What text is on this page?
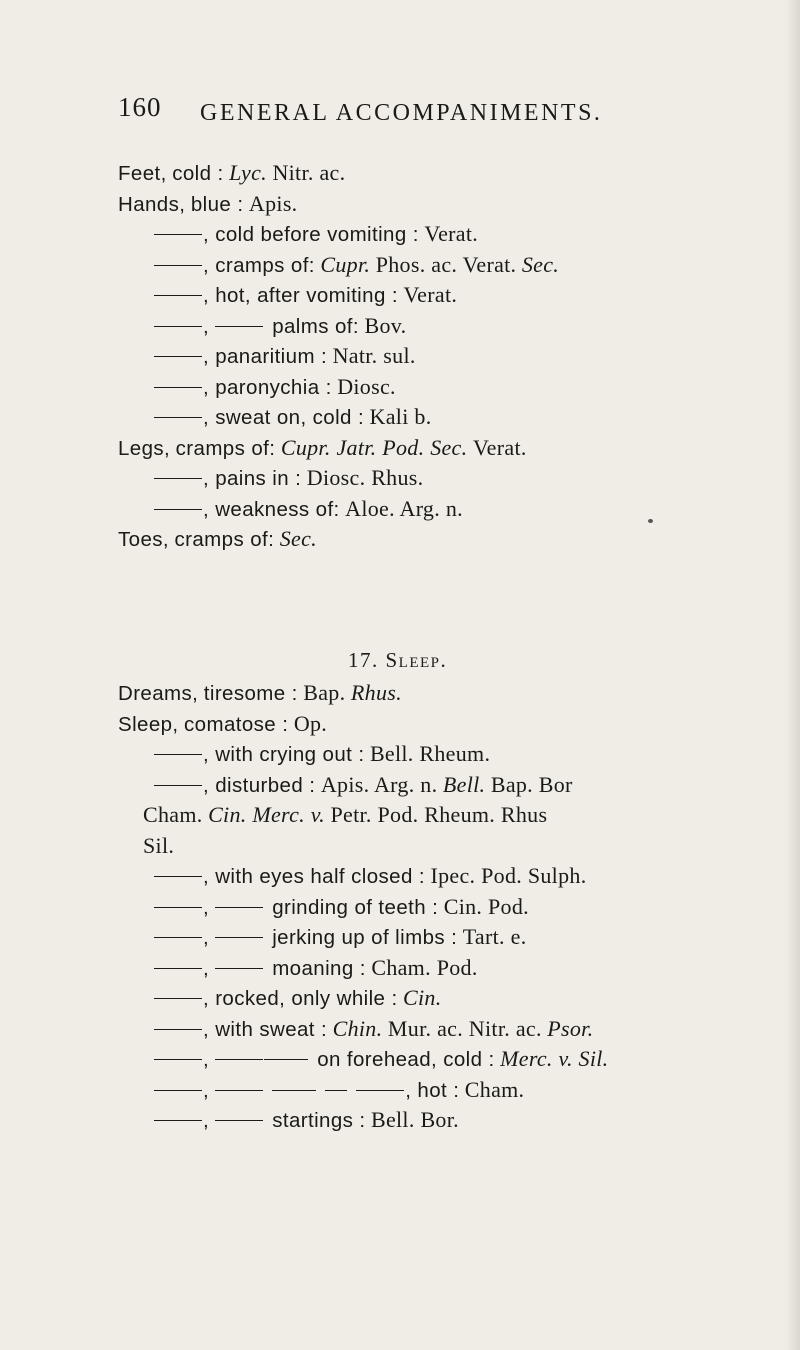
160 GENERAL ACCOMPANIMENTS.
Feet, cold : Lyc. Nitr. ac.
Hands, blue : Apis.
, cold before vomiting : Verat.
, cramps of: Cupr. Phos. ac. Verat. Sec.
, hot, after vomiting : Verat.
,	palms of: Bov.
, panaritium : Natr. sul.
, paronychia : Diosc.
, sweat on, cold : Kali b.
Legs, cramps of: Cupr. Jatr. Pod. Sec. Verat.
, pains in : Diosc. Rhus.
, weakness of: Aloe. Arg. n.
Toes, cramps of: Sec.
17. Sleep.
Dreams, tiresome : Bap. Rhus.
Sleep, comatose : Op.
, with crying out : Bell. Rheum.
, disturbed : Apis. Arg. n. Bell. Bap. Bor
Cham. Cin. Merc. v. Petr. Pod. Rheum. Rhus
Sil.
, with eyes half closed : Ipec. Pod. Sulph.
,	grinding of teeth : Cin. Pod.
,	jerking up of limbs : Tart. e.
,	moaning : Cham. Pod.
, rocked, only while : Cin.
, with sweat : Chin. Mur. ac. Nitr. ac. Psor.
,	on forehead, cold : Merc. v. Sil.
,	, hot : Cham.
,	startings : Bell. Bor.
